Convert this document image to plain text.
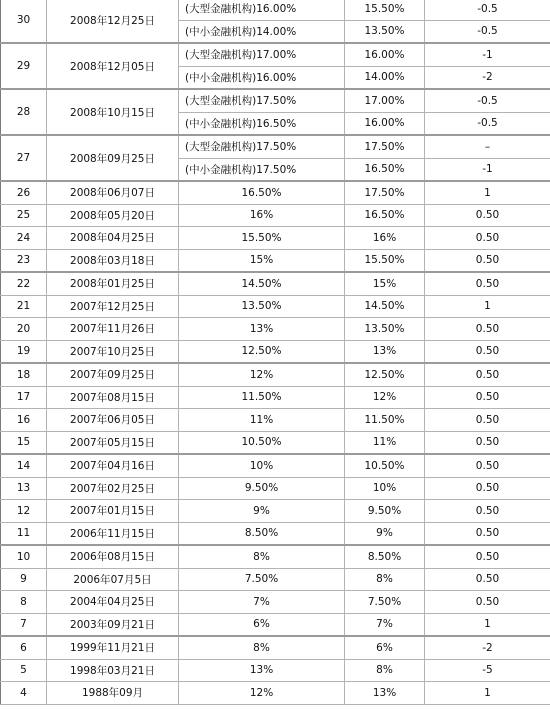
30	2008年12月25日	(大型金融机构)16.00%	15.50%	-0.5
		(中小金融机构)14.00%	13.50%	-0.5
29	2008年12月05日	(大型金融机构)17.00%	16.00%	-1
		(中小金融机构)16.00%	14.00%	-2
28	2008年10月15日	(大型金融机构)17.50%	17.00%	-0.5
		(中小金融机构)16.50%	16.00%	-0.5
27	2008年09月25日	(大型金融机构)17.50%	17.50%	–
		(中小金融机构)17.50%	16.50%	-1
26	2008年06月07日	16.50%	17.50%	1
25	2008年05月20日	16%	16.50%	0.50
24	2008年04月25日	15.50%	16%	0.50
23	2008年03月18日	15%	15.50%	0.50
22	2008年01月25日	14.50%	15%	0.50
21	2007年12月25日	13.50%	14.50%	1
20	2007年11月26日	13%	13.50%	0.50
19	2007年10月25日	12.50%	13%	0.50
18	2007年09月25日	12%	12.50%	0.50
17	2007年08月15日	11.50%	12%	0.50
16	2007年06月05日	11%	11.50%	0.50
15	2007年05月15日	10.50%	11%	0.50
14	2007年04月16日	10%	10.50%	0.50
13	2007年02月25日	9.50%	10%	0.50
12	2007年01月15日	9%	9.50%	0.50
11	2006年11月15日	8.50%	9%	0.50
10	2006年08月15日	8%	8.50%	0.50
9	2006年07月5日	7.50%	8%	0.50
8	2004年04月25日	7%	7.50%	0.50
7	2003年09月21日	6%	7%	1
6	1999年11月21日	8%	6%	-2
5	1998年03月21日	13%	8%	-5
4	1988年09月	12%	13%	1
